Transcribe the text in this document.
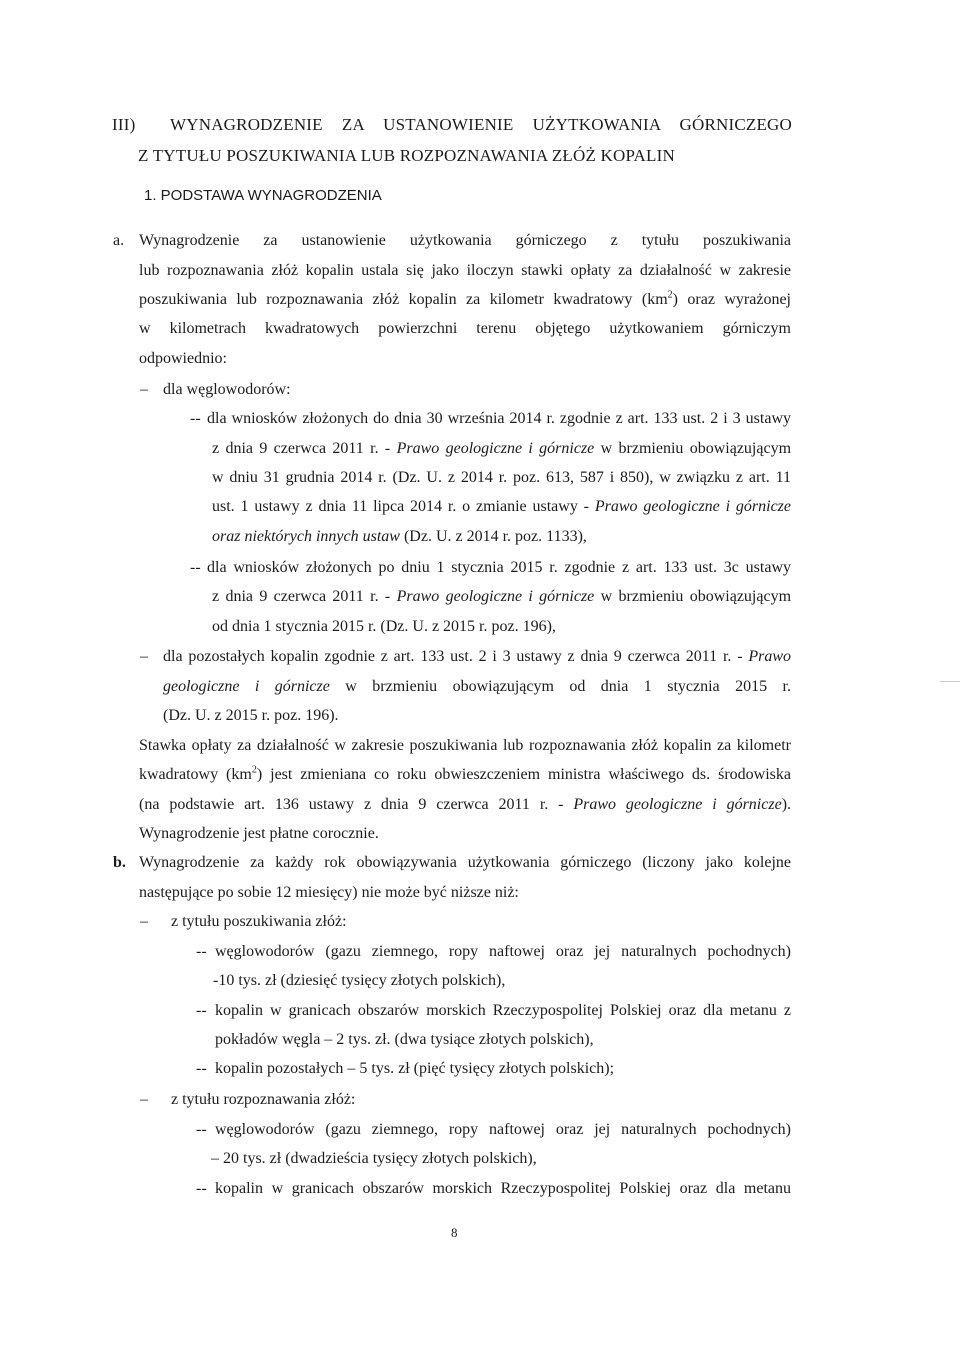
III) WYNAGRODZENIE ZA USTANOWIENIE UŻYTKOWANIA GÓRNICZEGO
Z TYTUŁU POSZUKIWANIA LUB ROZPOZNAWANIA ZŁÓŻ KOPALIN
1. PODSTAWA WYNAGRODZENIA
a. Wynagrodzenie za ustanowienie użytkowania górniczego z tytułu poszukiwania
lub rozpoznawania złóż kopalin ustala się jako iloczyn stawki opłaty za działalność w zakresie
poszukiwania lub rozpoznawania złóż kopalin za kilometr kwadratowy $(km^2)$ oraz wyrażonej
w kilometrach kwadratowych powierzchni terenu objętego użytkowaniem górniczym
odpowiednio:
– dla węglowodorów:
-- dla wniosków złożonych do dnia 30 września 2014 r. zgodnie z art. 133 ust. 2 i 3 ustawy
z dnia 9 czerwca 2011 r. - Prawo geologiczne i górnicze w brzmieniu obowiązującym
w dniu 31 grudnia 2014 r. (Dz. U. z 2014 r. poz. 613, 587 i 850), w związku z art. 11
ust. 1 ustawy z dnia 11 lipca 2014 r. o zmianie ustawy - Prawo geologiczne i górnicze
oraz niektórych innych ustaw (Dz. U. z 2014 r. poz. 1133),
-- dla wniosków złożonych po dniu 1 stycznia 2015 r. zgodnie z art. 133 ust. 3c ustawy
z dnia 9 czerwca 2011 r. - Prawo geologiczne i górnicze w brzmieniu obowiązującym
od dnia 1 stycznia 2015 r. (Dz. U. z 2015 r. poz. 196),
– dla pozostałych kopalin zgodnie z art. 133 ust. 2 i 3 ustawy z dnia 9 czerwca 2011 r. - Prawo
geologiczne i górnicze w brzmieniu obowiązującym od dnia 1 stycznia 2015 r.
(Dz. U. z 2015 r. poz. 196).
Stawka opłaty za działalność w zakresie poszukiwania lub rozpoznawania złóż kopalin za kilometr
kwadratowy $(km^2)$ jest zmieniana co roku obwieszczeniem ministra właściwego ds. środowiska
(na podstawie art. 136 ustawy z dnia 9 czerwca 2011 r. - Prawo geologiczne i górnicze).
Wynagrodzenie jest płatne corocznie.
b. Wynagrodzenie za każdy rok obowiązywania użytkowania górniczego (liczony jako kolejne
następujące po sobie 12 miesięcy) nie może być niższe niż:
– z tytułu poszukiwania złóż:
-- węglowodorów (gazu ziemnego, ropy naftowej oraz jej naturalnych pochodnych)
-10 tys. zł (dziesięć tysięcy złotych polskich),
-- kopalin w granicach obszarów morskich Rzeczypospolitej Polskiej oraz dla metanu z
pokładów węgla – 2 tys. zł. (dwa tysiące złotych polskich),
-- kopalin pozostałych – 5 tys. zł (pięć tysięcy złotych polskich);
– z tytułu rozpoznawania złóż:
-- węglowodorów (gazu ziemnego, ropy naftowej oraz jej naturalnych pochodnych)
– 20 tys. zł (dwadzieścia tysięcy złotych polskich),
-- kopalin w granicach obszarów morskich Rzeczypospolitej Polskiej oraz dla metanu
8
